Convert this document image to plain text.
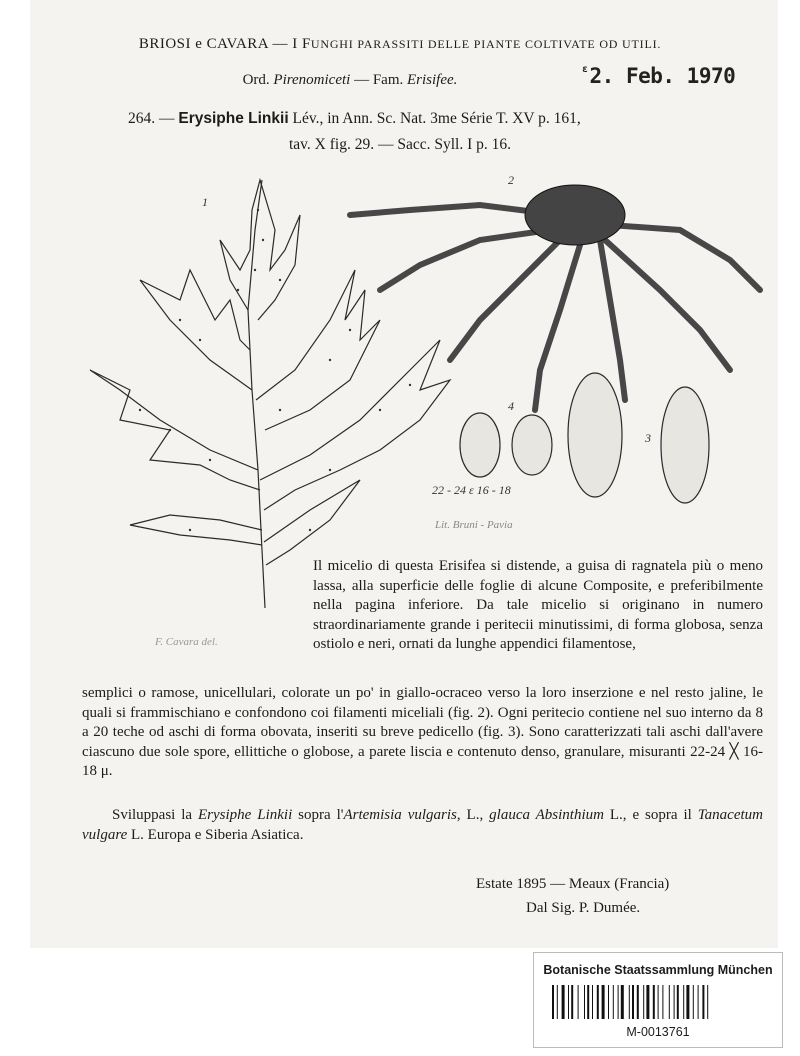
BRIOSI e CAVARA — I FUNGHI PARASSITI DELLE PIANTE COLTIVATE OD UTILI.
Ord. Pirenomiceti — Fam. Erisifee.
$^\varepsilon$2. Feb. 1970
264. — Erysiphe Linkii Lév., in Ann. Sc. Nat. 3me Série T. XV p. 161,
tav. X fig. 29. — Sacc. Syll. I p. 16.
1
2
3
4
22 - 24 ε 16 - 18
Lit. Bruni - Pavia
F. Cavara del.
Il micelio di questa Erisifea si distende, a guisa di ragnatela più o meno lassa, alla superficie delle foglie di alcune Composite, e preferibilmente nella pagina inferiore. Da tale micelio si originano in numero straordinariamente grande i peritecii minutissimi, di forma globosa, senza ostiolo e neri, ornati da lunghe appendici filamentose,
semplici o ramose, unicellulari, colorate un po' in giallo-ocraceo verso la loro inserzione e nel resto jaline, le quali si frammischiano e confondono coi filamenti miceliali (fig. 2). Ogni peritecio contiene nel suo interno da 8 a 20 teche od aschi di forma obovata, inseriti su breve pedicello (fig. 3). Sono caratterizzati tali aschi dall'avere ciascuno due sole spore, ellittiche o globose, a parete liscia e contenuto denso, granulare, misuranti 22-24 ╳ 16-18 μ.
Sviluppasi la Erysiphe Linkii sopra l'Artemisia vulgaris, L., glauca Absinthium L., e sopra il Tanacetum vulgare L. Europa e Siberia Asiatica.
Estate 1895 — Meaux (Francia)
Dal Sig. P. Dumée.
Botanische Staatssammlung München
M-0013761
